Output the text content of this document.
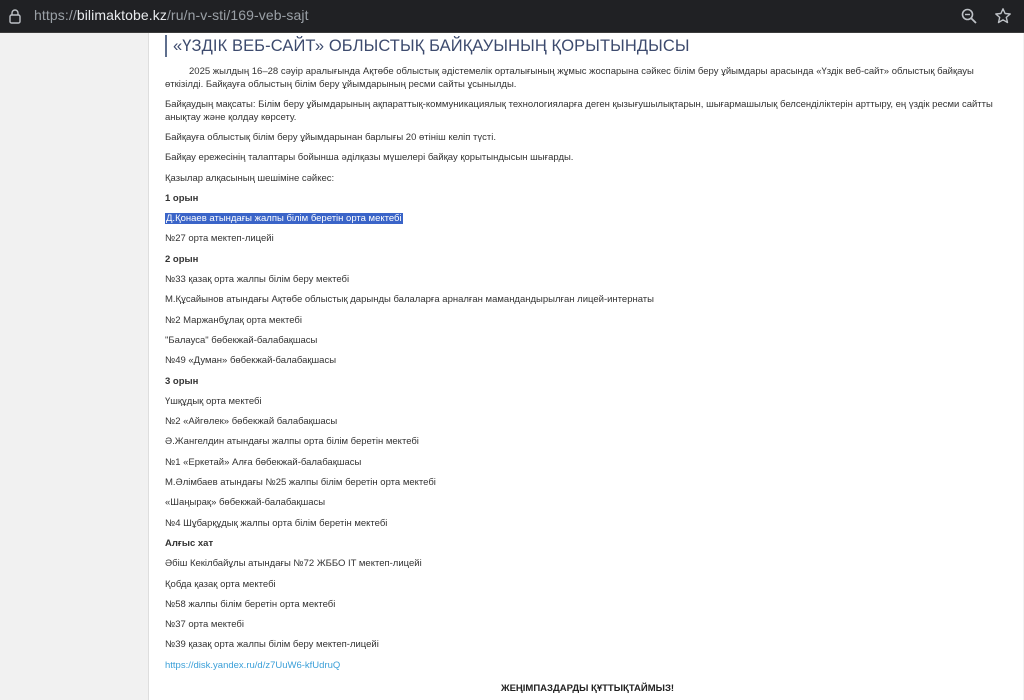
https://bilimaktobe.kz/ru/n-v-sti/169-veb-sajt
«ҮЗДІК ВЕБ-САЙТ» ОБЛЫСТЫҚ БАЙҚАУЫНЫҢ ҚОРЫТЫНДЫСЫ

2025 жылдың 16–28 сәуір аралығында Ақтөбе облыстық әдістемелік орталығының жұмыс жоспарына сәйкес білім беру ұйымдары арасында «Үздік веб-сайт» облыстық байқауы өткізілді. Байқауға облыстың білім беру ұйымдарының ресми сайты ұсынылды.

Байқаудың мақсаты: Білім беру ұйымдарының ақпараттық-коммуникациялық технологияларға деген қызығушылықтарын, шығармашылық белсенділіктерін арттыру, ең үздік ресми сайтты анықтау және қолдау көрсету.

Байқауға облыстық білім беру ұйымдарынан барлығы 20 өтініш келіп түсті.
Байқау ережесінің талаптары бойынша әділқазы мүшелері байқау қорытындысын шығарды.
Қазылар алқасының шешіміне сәйкес:
1 орын
Д.Қонаев атындағы жалпы білім беретін орта мектебі
№27 орта мектеп-лицейі
2 орын
№33 қазақ орта жалпы білім беру мектебі
М.Құсайынов атындағы Ақтөбе облыстық дарынды балаларға арналған мамандандырылған лицей-интернаты
№2 Маржанбұлақ орта мектебі
"Балауса" бөбекжай-балабақшасы
№49 «Думан» бөбекжай-балабақшасы
3 орын
Үшқұдық орта мектебі
№2 «Айгөлек» бөбекжай балабақшасы
Ә.Жангелдин атындағы жалпы орта білім беретін мектебі
№1 «Еркетай» Алға бөбекжай-балабақшасы
М.Әлімбаев атындағы №25 жалпы білім беретін орта мектебі
«Шаңырақ» бөбекжай-балабақшасы
№4 Шұбарқұдық жалпы орта білім беретін мектебі
Алғыс хат
Әбіш Кекілбайұлы атындағы №72 ЖББО IT мектеп-лицейі
Қобда қазақ орта мектебі
№58 жалпы білім беретін орта мектебі
№37 орта мектебі
№39 қазақ орта жалпы білім беру мектеп-лицейі
https://disk.yandex.ru/d/z7UuW6-kfUdruQ
ЖЕҢІМПАЗДАРДЫ ҚҰТТЫҚТАЙМЫЗ!
